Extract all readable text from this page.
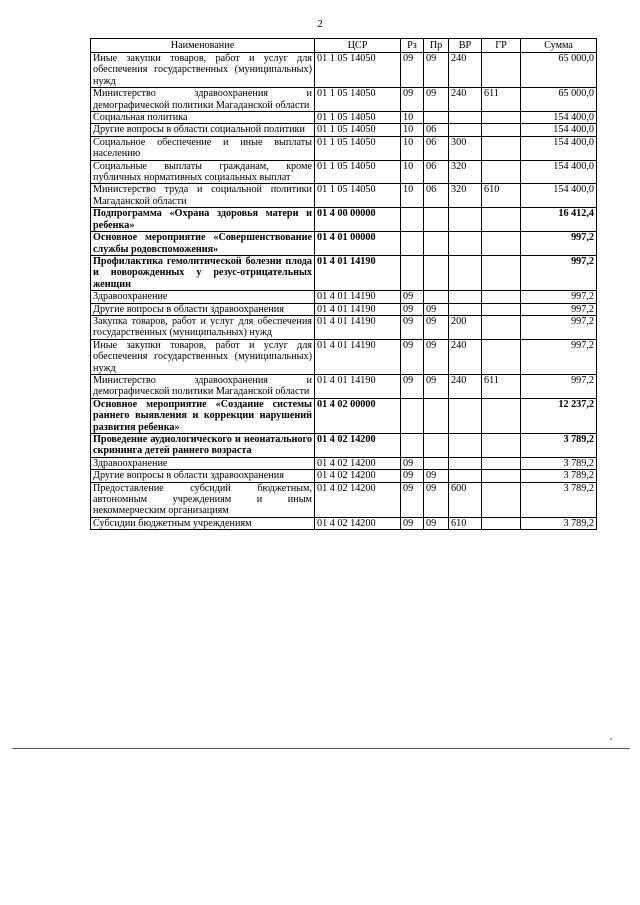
2
Наименование	ЦСР	Рз	Пр	ВР	ГР	Сумма
Иные закупки товаров, работ и услуг для обеспечения государственных (муниципальных) нужд	01 1 05 14050	09	09	240		65 000,0
Министерство здравоохранения и демографической политики Магаданской области	01 1 05 14050	09	09	240	611	65 000,0
Социальная политика	01 1 05 14050	10				154 400,0
Другие вопросы в области социальной политики	01 1 05 14050	10	06			154 400,0
Социальное обеспечение и иные выплаты населению	01 1 05 14050	10	06	300		154 400,0
Социальные выплаты гражданам, кроме публичных нормативных социальных выплат	01 1 05 14050	10	06	320		154 400,0
Министерство труда и социальной политики Магаданской области	01 1 05 14050	10	06	320	610	154 400,0
Подпрограмма «Охрана здоровья матери и ребенка»	01 4 00 00000					16 412,4
Основное мероприятие «Совершенствование службы родовспоможения»	01 4 01 00000					997,2
Профилактика гемолитической болезни плода и новорожденных у резус-отрицательных женщин	01 4 01 14190					997,2
Здравоохранение	01 4 01 14190	09				997,2
Другие вопросы в области здравоохранения	01 4 01 14190	09	09			997,2
Закупка товаров, работ и услуг для обеспечения государственных (муниципальных) нужд	01 4 01 14190	09	09	200		997,2
Иные закупки товаров, работ и услуг для обеспечения государственных (муниципальных) нужд	01 4 01 14190	09	09	240		997,2
Министерство здравоохранения и демографической политики Магаданской области	01 4 01 14190	09	09	240	611	997,2
Основное мероприятие «Создание системы раннего выявления и коррекции нарушений развития ребенка»	01 4 02 00000					12 237,2
Проведение аудиологического и неонатального скрининга детей раннего возраста	01 4 02 14200					3 789,2
Здравоохранение	01 4 02 14200	09				3 789,2
Другие вопросы в области здравоохранения	01 4 02 14200	09	09			3 789,2
Предоставление субсидий бюджетным, автономным учреждениям и иным некоммерческим организациям	01 4 02 14200	09	09	600		3 789,2
Субсидии бюджетным учреждениям	01 4 02 14200	09	09	610		3 789,2
